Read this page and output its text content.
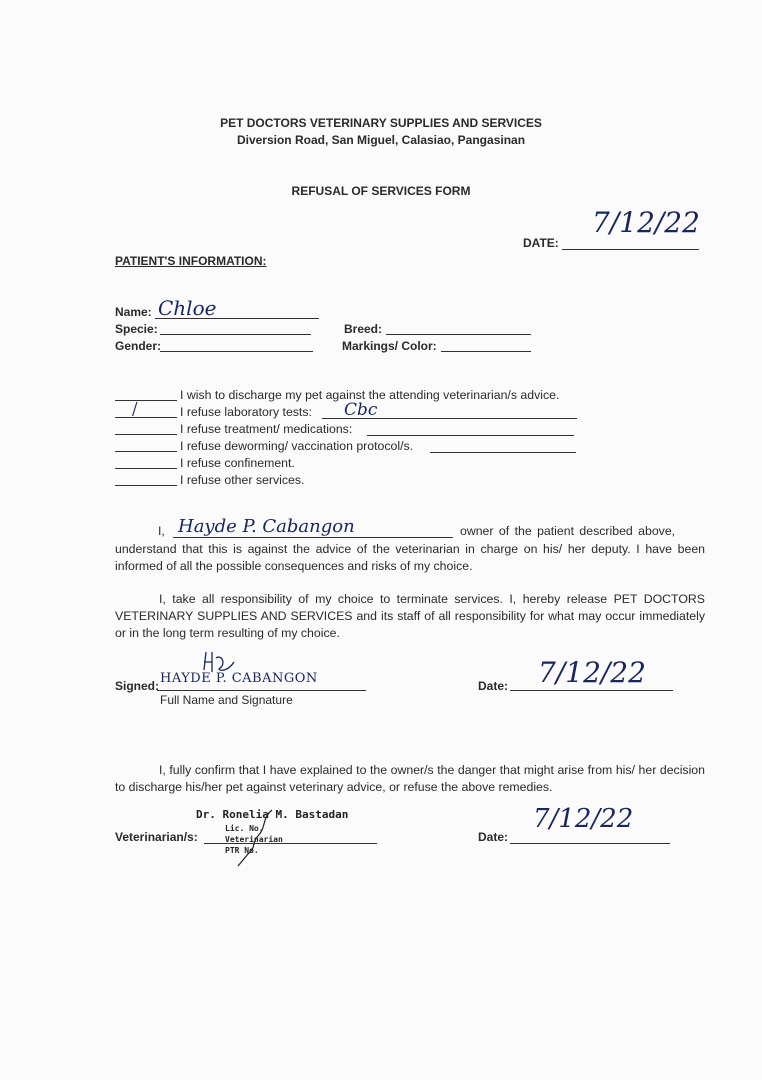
PET DOCTORS VETERINARY SUPPLIES AND SERVICES
Diversion Road, San Miguel, Calasiao, Pangasinan
REFUSAL OF SERVICES FORM
DATE:
7/12/22
PATIENT'S INFORMATION:
Name: Chloe
Specie:
Gender:
Breed:
Markings/ Color:
I wish to discharge my pet against the attending veterinarian/s advice.
/	I refuse laboratory tests: Cbc
I refuse treatment/ medications:
I refuse deworming/ vaccination protocol/s.
I refuse confinement.
I refuse other services.
I, Hayde P. Cabangon	owner of the patient described above,
understand that this is against the advice of the veterinarian in charge on his/ her deputy. I have been informed of all the possible consequences and risks of my choice.
I, take all responsibility of my choice to terminate services. I, hereby release PET DOCTORS VETERINARY SUPPLIES AND SERVICES and its staff of all responsibility for what may occur immediately or in the long term resulting of my choice.
Signed: HAYDE P. CABANGON
Full Name and Signature
Date: 7/12/22
I, fully confirm that I have explained to the owner/s the danger that might arise from his/ her decision to discharge his/her pet against veterinary advice, or refuse the above remedies.
Veterinarian/s:
Dr. Ronelia M. Bastadan
Lic. No.
Veterinarian
PTR No.
Date:
7/12/22
